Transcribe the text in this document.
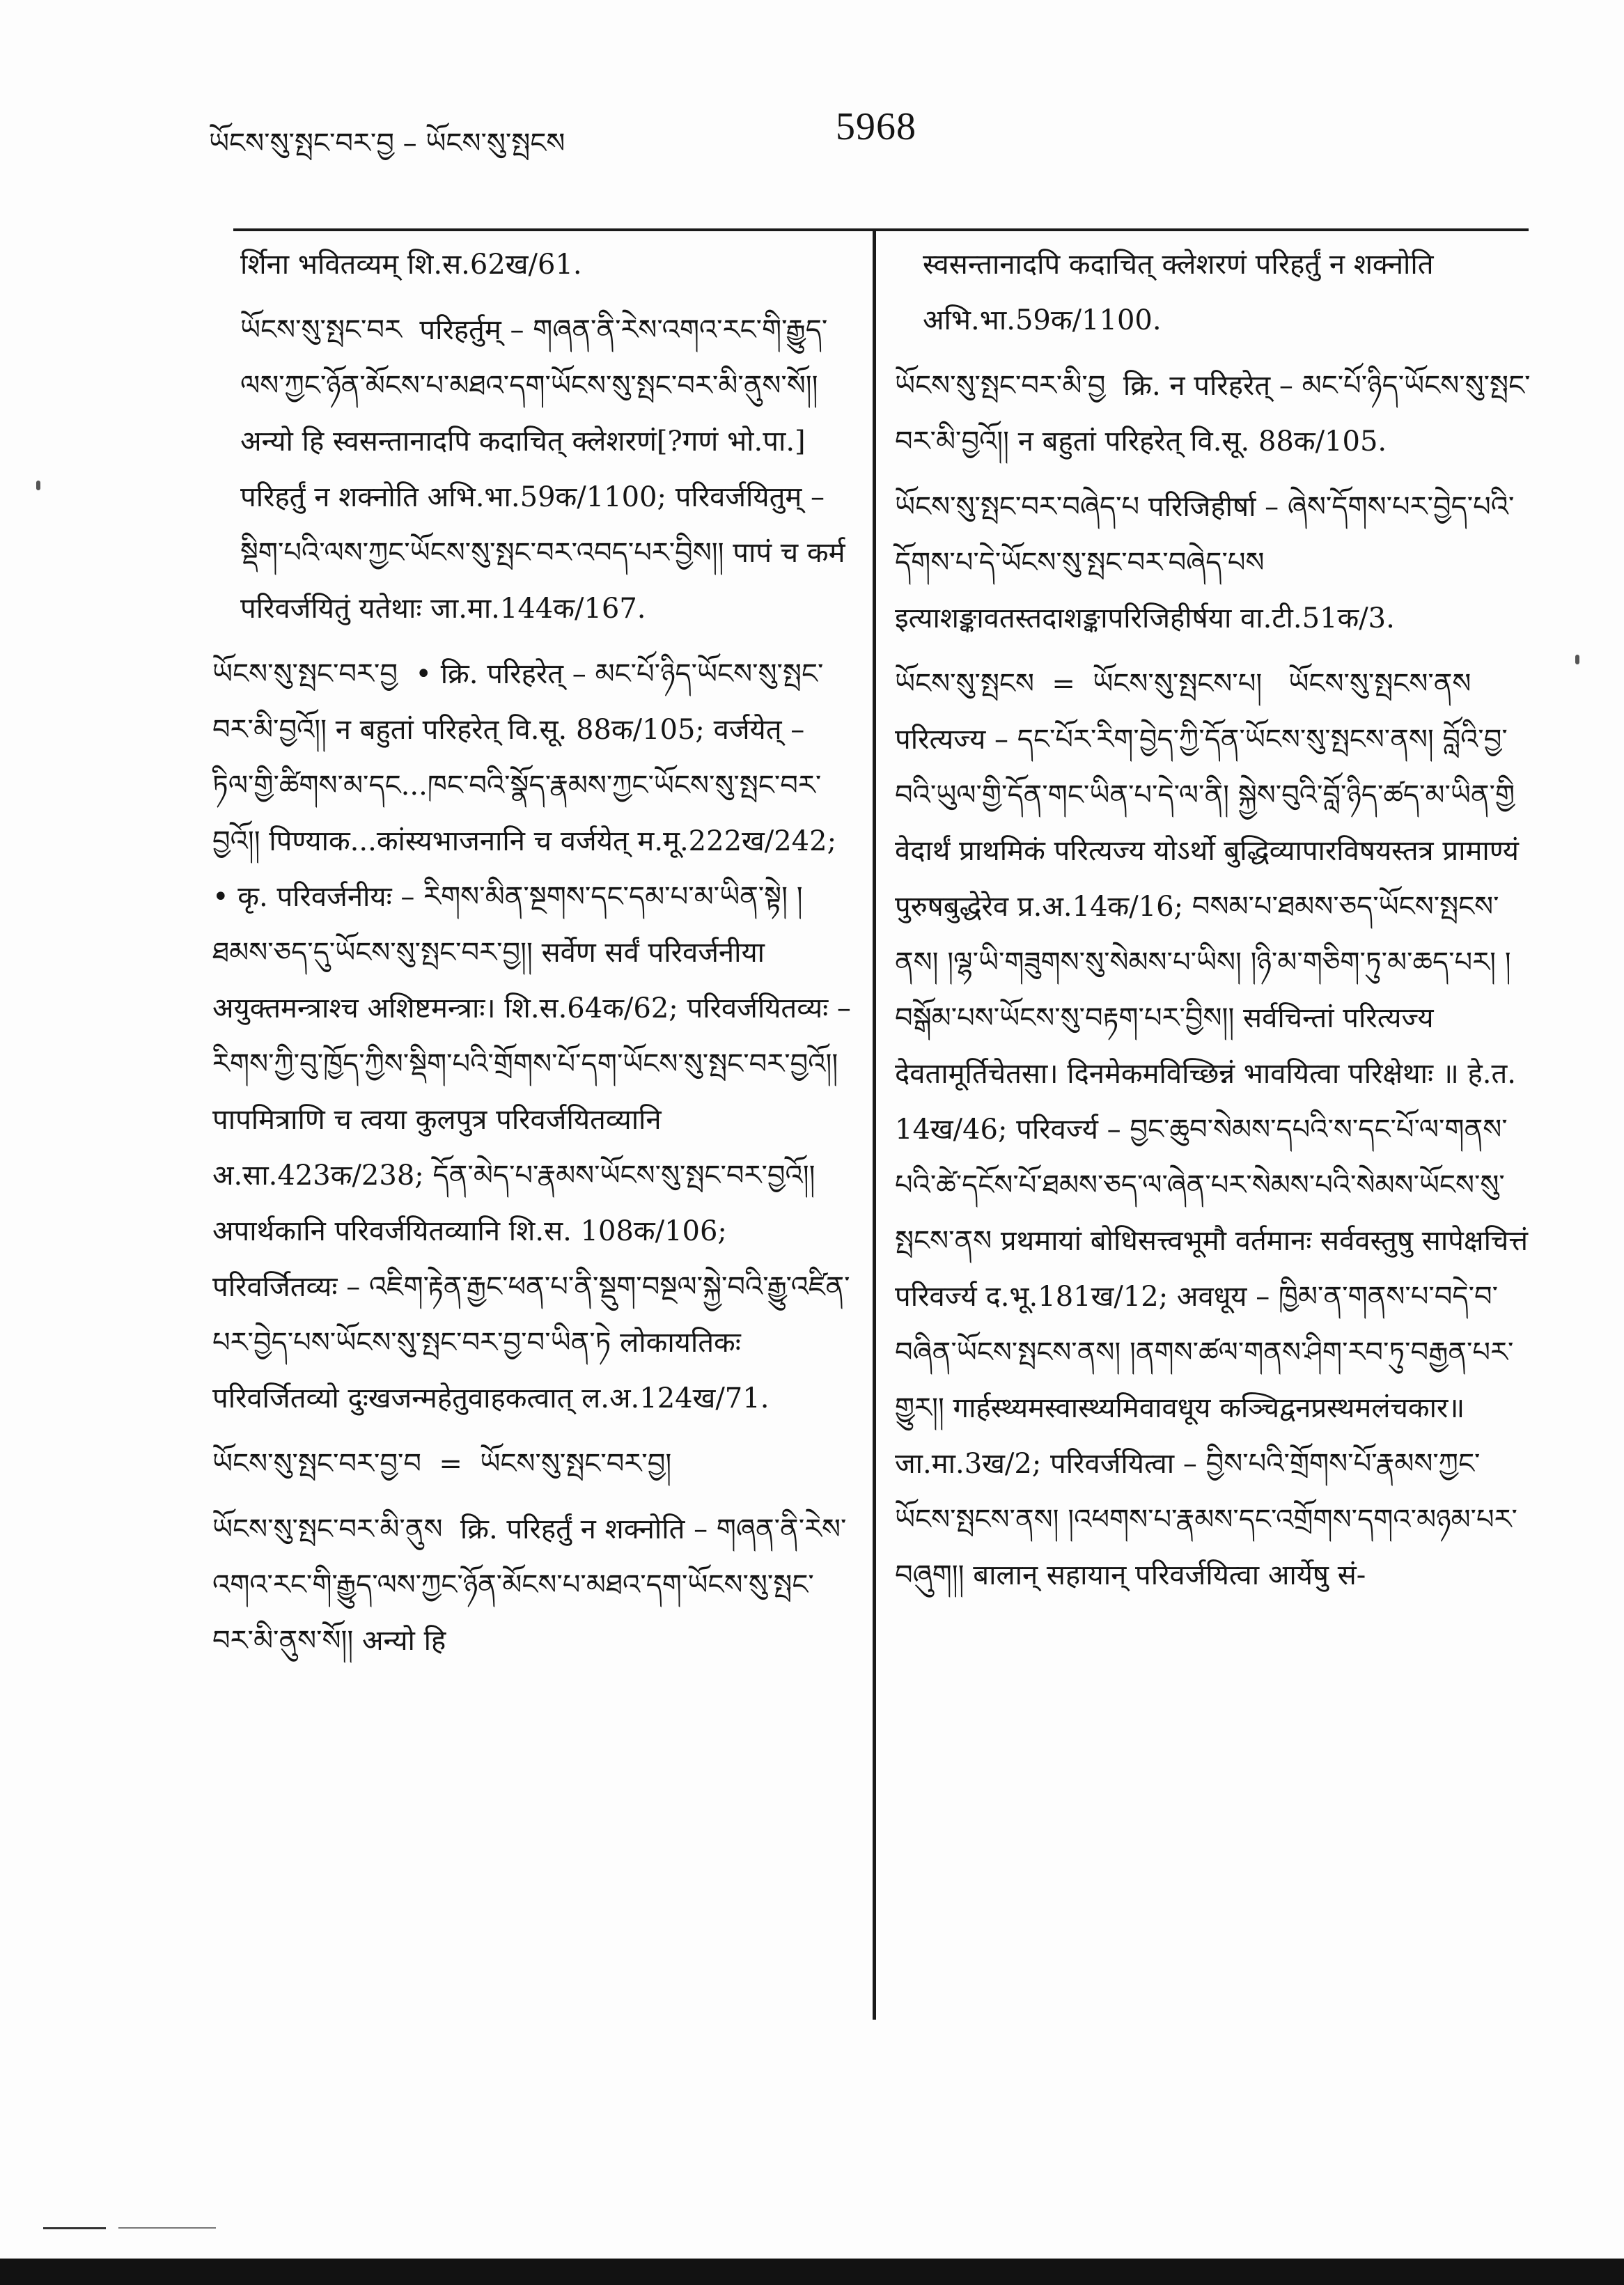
ཡོངས་སུ་སྤང་བར་བྱ – ཡོངས་སུ་སྤངས	5968
र्शिना भवितव्यम् शि.स.62ख/61.
ཡོངས་སུ་སྤང་བར  परिहर्तुम् – གཞན་ནི་རེས་འགའ་རང་གི་རྒྱུད་ལས་ཀྱང་ཉོན་མོངས་པ་མཐའ་དག་ཡོངས་སུ་སྤང་བར་མི་ནུས་སོ།། अन्यो हि स्वसन्तानादपि कदाचित् क्लेशरणं[?गणं भो.पा.] परिहर्तुं न शक्नोति अभि.भा.59क/1100; परिवर्जयितुम् – སྡིག་པའི་ལས་ཀྱང་ཡོངས་སུ་སྤང་བར་འབད་པར་བྱིས།། पापं च कर्म परिवर्जयितुं यतेथाः जा.मा.144क/167.
ཡོངས་སུ་སྤང་བར་བྱ  • क्रि. परिहरेत् – མང་པོ་ཉིད་ཡོངས་སུ་སྤང་བར་མི་བྱའོ།། न बहुतां परिहरेत् वि.सू. 88क/105; वर्जयेत् – ཏིལ་གྱི་ཚིགས་མ་དང...ཁང་བའི་སྣོད་རྣམས་ཀྱང་ཡོངས་སུ་སྤང་བར་བྱའོ།། पिण्याक...कांस्यभाजनानि च वर्जयेत् म.मू.222ख/242; • कृ. परिवर्जनीयः – རིགས་མིན་སྔགས་དང་དམ་པ་མ་ཡིན་སྟེ། །ཐམས་ཅད་དུ་ཡོངས་སུ་སྤང་བར་བྱ།། सर्वेण सर्वं परिवर्जनीया अयुक्तमन्त्राश्च अशिष्टमन्त्राः। शि.स.64क/62; परिवर्जयितव्यः – རིགས་ཀྱི་བུ་ཁྱོད་ཀྱིས་སྡིག་པའི་གྲོགས་པོ་དག་ཡོངས་སུ་སྤང་བར་བྱའོ།། पापमित्राणि च त्वया कुलपुत्र परिवर्जयितव्यानि अ.सा.423क/238; དོན་མེད་པ་རྣམས་ཡོངས་སུ་སྤང་བར་བྱའོ།། अपार्थकानि परिवर्जयितव्यानि शि.स. 108क/106; परिवर्जितव्यः – འཇིག་རྟེན་རྒྱང་ཕན་པ་ནི་སྡུག་བསྔལ་སྐྱེ་བའི་རྒྱུ་འཛིན་པར་བྱེད་པས་ཡོངས་སུ་སྤང་བར་བྱ་བ་ཡིན་ཏེ लोकायतिकः परिवर्जितव्यो दुःखजन्महेतुवाहकत्वात् ल.अ.124ख/71.
ཡོངས་སུ་སྤང་བར་བྱ་བ  =  ཡོངས་སུ་སྤང་བར་བྱ།
ཡོངས་སུ་སྤང་བར་མི་ནུས  क्रि. परिहर्तुं न शक्नोति – གཞན་ནི་རེས་འགའ་རང་གི་རྒྱུད་ལས་ཀྱང་ཉོན་མོངས་པ་མཐའ་དག་ཡོངས་སུ་སྤང་བར་མི་ནུས་སོ།། अन्यो हि
स्वसन्तानादपि कदाचित् क्लेशरणं परिहर्तुं न शक्नोति अभि.भा.59क/1100.
ཡོངས་སུ་སྤང་བར་མི་བྱ  क्रि. न परिहरेत् – མང་པོ་ཉིད་ཡོངས་སུ་སྤང་བར་མི་བྱའོ།། न बहुतां परिहरेत् वि.सू. 88क/105.
ཡོངས་སུ་སྤང་བར་བཞེད་པ परिजिहीर्षा – ཞེས་དོགས་པར་བྱེད་པའི་དོགས་པ་དེ་ཡོངས་སུ་སྤང་བར་བཞེད་པས इत्याशङ्कावतस्तदाशङ्कापरिजिहीर्षया वा.टी.51क/3.
ཡོངས་སུ་སྤངས  =  ཡོངས་སུ་སྤངས་པ།   ཡོངས་སུ་སྤངས་ནས परित्यज्य – དང་པོར་རིག་བྱེད་ཀྱི་དོན་ཡོངས་སུ་སྤངས་ནས། བློའི་བྱ་བའི་ཡུལ་གྱི་དོན་གང་ཡིན་པ་དེ་ལ་ནི། སྐྱེས་བུའི་བློ་ཉིད་ཚད་མ་ཡིན་གྱི वेदार्थं प्राथमिकं परित्यज्य योऽर्थो बुद्धिव्यापारविषयस्तत्र प्रामाण्यं पुरुषबुद्धेरेव प्र.अ.14क/16; བསམ་པ་ཐམས་ཅད་ཡོངས་སྤངས་ནས། །ལྷ་ཡི་གཟུགས་སུ་སེམས་པ་ཡིས། །ཉི་མ་གཅིག་ཏུ་མ་ཆད་པར། །བསྒོམ་པས་ཡོངས་སུ་བརྟག་པར་བྱིས།། सर्वचिन्तां परित्यज्य देवतामूर्तिचेतसा। दिनमेकमविच्छिन्नं भावयित्वा परिक्षेथाः ॥ हे.त. 14ख/46; परिवर्ज्य – བྱང་ཆུབ་སེམས་དཔའི་ས་དང་པོ་ལ་གནས་པའི་ཚེ་དངོས་པོ་ཐམས་ཅད་ལ་ཞེན་པར་སེམས་པའི་སེམས་ཡོངས་སུ་སྤངས་ནས प्रथमायां बोधिसत्त्वभूमौ वर्तमानः सर्ववस्तुषु सापेक्षचित्तं परिवर्ज्य द.भू.181ख/12; अवधूय – ཁྱིམ་ན་གནས་པ་བདེ་བ་བཞིན་ཡོངས་སྤངས་ནས། །ནགས་ཚལ་གནས་ཤིག་རབ་ཏུ་བརྒྱན་པར་གྱུར།། गार्हस्थ्यमस्वास्थ्यमिवावधूय कञ्चिद्वनप्रस्थमलंचकार॥ जा.मा.3ख/2; परिवर्जयित्वा – བྱིས་པའི་གྲོགས་པོ་རྣམས་ཀྱང་ཡོངས་སྤངས་ནས། །འཕགས་པ་རྣམས་དང་འགྲོགས་དགའ་མཉམ་པར་བཞུག།། बालान् सहायान् परिवर्जयित्वा आर्येषु सं-
